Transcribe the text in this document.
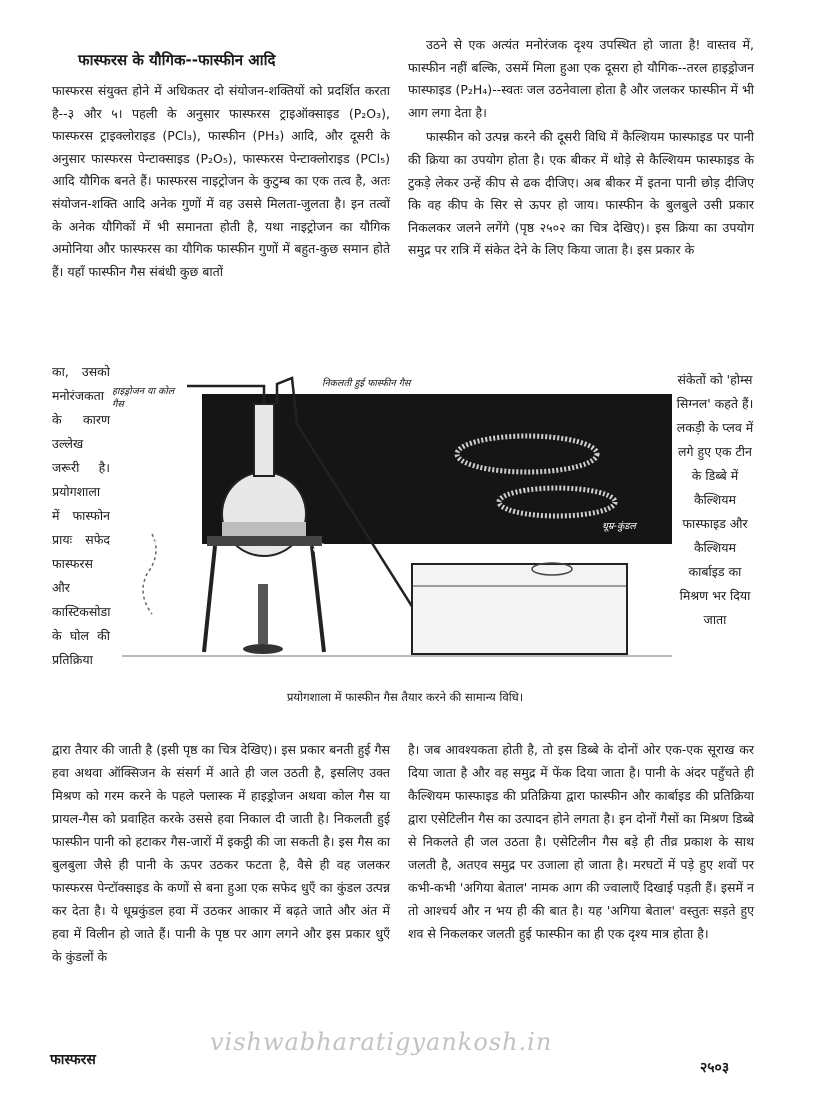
फास्फरस के यौगिक--फास्फीन आदि

फास्फरस संयुक्त होने में अधिकतर दो संयोजन-शक्तियों को प्रदर्शित करता है--३ और ५। पहली के अनुसार फास्फरस ट्राइऑक्साइड (P₂O₃), फास्फरस ट्राइक्लोराइड (PCl₃), फास्फीन (PH₃) आदि, और दूसरी के अनुसार फास्फरस पेन्टाक्साइड (P₂O₅), फास्फरस पेन्टाक्लोराइड (PCl₅) आदि यौगिक बनते हैं। फास्फरस नाइट्रोजन के कुटुम्ब का एक तत्व है, अतः संयोजन-शक्ति आदि अनेक गुणों में वह उससे मिलता-जुलता है। इन तत्वों के अनेक यौगिकों में भी समानता होती है, यथा नाइट्रोजन का यौगिक अमोनिया और फास्फरस का यौगिक फास्फीन गुणों में बहुत-कुछ समान होते हैं। यहाँ फास्फीन गैस संबंधी कुछ बातों

उठने से एक अत्यंत मनोरंजक दृश्य उपस्थित हो जाता है! वास्तव में, फास्फीन नहीं बल्कि, उसमें मिला हुआ एक दूसरा हो यौगिक--तरल हाइड्रोजन फास्फाइड (P₂H₄)--स्वतः जल उठनेवाला होता है और जलकर फास्फीन में भी आग लगा देता है।

फास्फीन को उत्पन्न करने की दूसरी विधि में कैल्शियम फास्फाइड पर पानी की क्रिया का उपयोग होता है। एक बीकर में थोड़े से कैल्शियम फास्फाइड के टुकड़े लेकर उन्हें कीप से ढक दीजिए। अब बीकर में इतना पानी छोड़ दीजिए कि वह कीप के सिर से ऊपर हो जाय। फास्फीन के बुलबुले उसी प्रकार निकलकर जलने लगेंगे (पृष्ठ २५०२ का चित्र देखिए)। इस क्रिया का उपयोग समुद्र पर रात्रि में संकेत देने के लिए किया जाता है। इस प्रकार के

का, उसको मनोरंजकता के कारण उल्लेख जरूरी है। प्रयोगशाला में फास्फोन प्रायः सफेद फास्फरस और कास्टिकसोडा के घोल की प्रतिक्रिया

संकेतों को 'होम्स सिग्नल' कहते हैं। लकड़ी के प्लव में लगे हुए एक टीन के डिब्बे में कैल्शियम फास्फाइड और कैल्शियम कार्बाइड का मिश्रण भर दिया जाता

हाइड्रोजन या कोल गैस
निकलती हुई फास्फीन गैस
कास्टिक सोडा का घोल	सफेद फास्फरस
धूम्र-कुंडल
प्रयोगशाला में फास्फीन गैस तैयार करने की सामान्य विधि।

द्वारा तैयार की जाती है (इसी पृष्ठ का चित्र देखिए)। इस प्रकार बनती हुई गैस हवा अथवा ऑक्सिजन के संसर्ग में आते ही जल उठती है, इसलिए उक्त मिश्रण को गरम करने के पहले फ्लास्क में हाइड्रोजन अथवा कोल गैस या प्रायल-गैस को प्रवाहित करके उससे हवा निकाल दी जाती है। निकलती हुई फास्फीन पानी को हटाकर गैस-जारों में इकट्ठी की जा सकती है। इस गैस का बुलबुला जैसे ही पानी के ऊपर उठकर फटता है, वैसे ही वह जलकर फास्फरस पेन्टॉक्साइड के कणों से बना हुआ एक सफेद धुएँ का कुंडल उत्पन्न कर देता है। ये धूम्रकुंडल हवा में उठकर आकार में बढ़ते जाते और अंत में हवा में विलीन हो जाते हैं। पानी के पृष्ठ पर आग लगने और इस प्रकार धुएँ के कुंडलों के

है। जब आवश्यकता होती है, तो इस डिब्बे के दोनों ओर एक-एक सूराख कर दिया जाता है और वह समुद्र में फेंक दिया जाता है। पानी के अंदर पहुँचते ही कैल्शियम फास्फाइड की प्रतिक्रिया द्वारा फास्फीन और कार्बाइड की प्रतिक्रिया द्वारा एसेटिलीन गैस का उत्पादन होने लगता है। इन दोनों गैसों का मिश्रण डिब्बे से निकलते ही जल उठता है। एसेटिलीन गैस बड़े ही तीव्र प्रकाश के साथ जलती है, अतएव समुद्र पर उजाला हो जाता है। मरघटों में पड़े हुए शवों पर कभी-कभी 'अगिया बेताल' नामक आग की ज्वालाएँ दिखाई पड़ती हैं। इसमें न तो आश्चर्य और न भय ही की बात है। यह 'अगिया बेताल' वस्तुतः सड़ते हुए शव से निकलकर जलती हुई फास्फीन का ही एक दृश्य मात्र होता है।

vishwabharatigyankosh.in
फास्फरस	२५०३
